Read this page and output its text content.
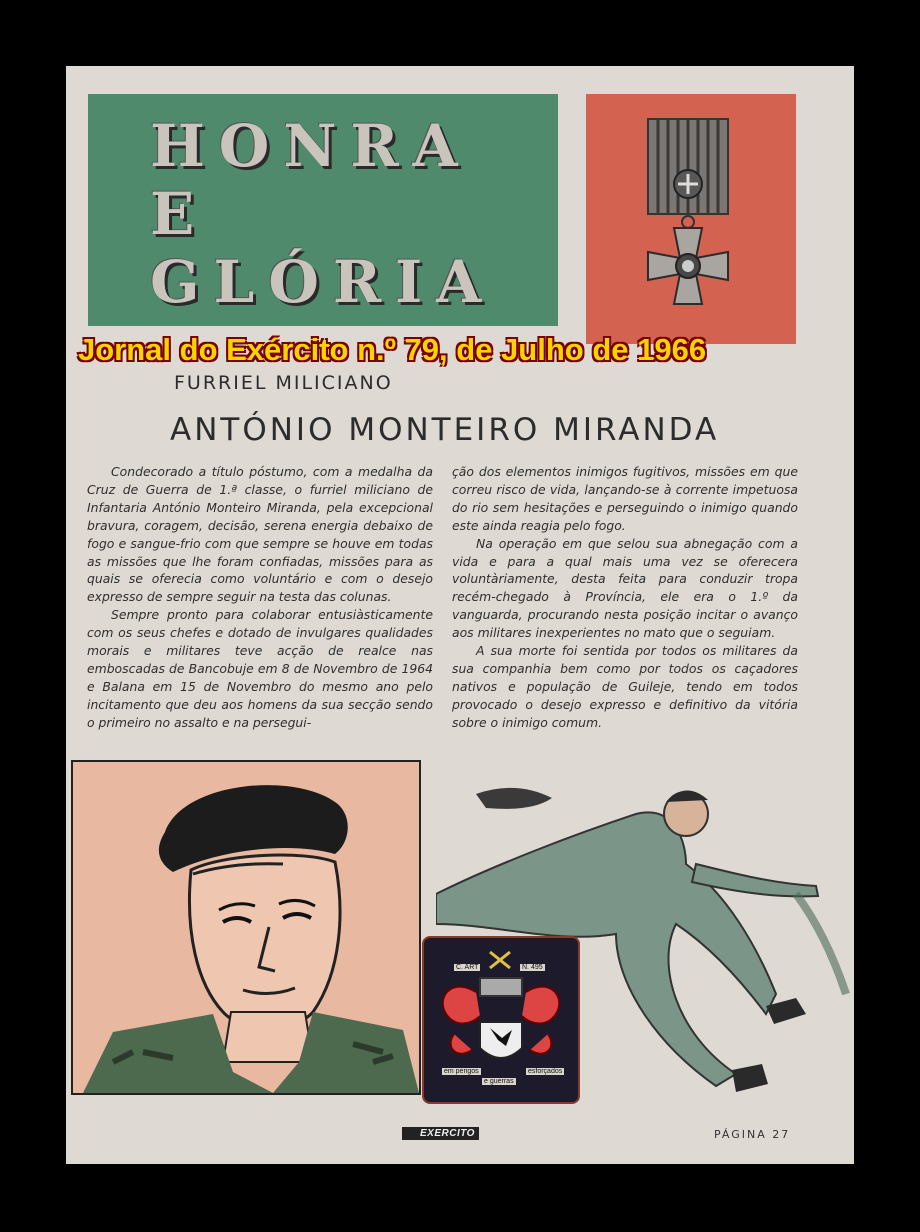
HONRA
E
GLÓRIA
Jornal do Exército n.º 79, de Julho de 1966
FURRIEL MILICIANO
ANTÓNIO MONTEIRO MIRANDA

Condecorado a título póstumo, com a medalha da Cruz de Guerra de 1.ª classe, o furriel miliciano de Infantaria António Monteiro Miranda, pela excepcional bravura, coragem, decisão, serena energia debaixo de fogo e sangue-frio com que sempre se houve em todas as missões que lhe foram confiadas, missões para as quais se oferecia como voluntário e com o desejo expresso de sempre seguir na testa das colunas.

Sempre pronto para colaborar entusiàsticamente com os seus chefes e dotado de invulgares qualidades morais e militares teve acção de realce nas emboscadas de Bancobuje em 8 de Novembro de 1964 e Balana em 15 de Novembro do mesmo ano pelo incitamento que deu aos homens da sua secção sendo o primeiro no assalto e na persegui-

ção dos elementos inimigos fugitivos, missões em que correu risco de vida, lançando-se à corrente impetuosa do rio sem hesitações e perseguindo o inimigo quando este ainda reagia pelo fogo.

Na operação em que selou sua abnegação com a vida e para a qual mais uma vez se oferecera voluntàriamente, desta feita para conduzir tropa recém-chegado à Província, ele era o 1.º da vanguarda, procurando nesta posição incitar o avanço aos militares inexperientes no mato que o seguiam.

A sua morte foi sentida por todos os militares da sua companhia bem como por todos os caçadores nativos e população de Guileje, tendo em todos provocado o desejo expresso e definitivo da vitória sobre o inimigo comum.

C. ART	N. 495
em perigos	esforçados
e guerras
EXERCITO	PÁGINA 27
